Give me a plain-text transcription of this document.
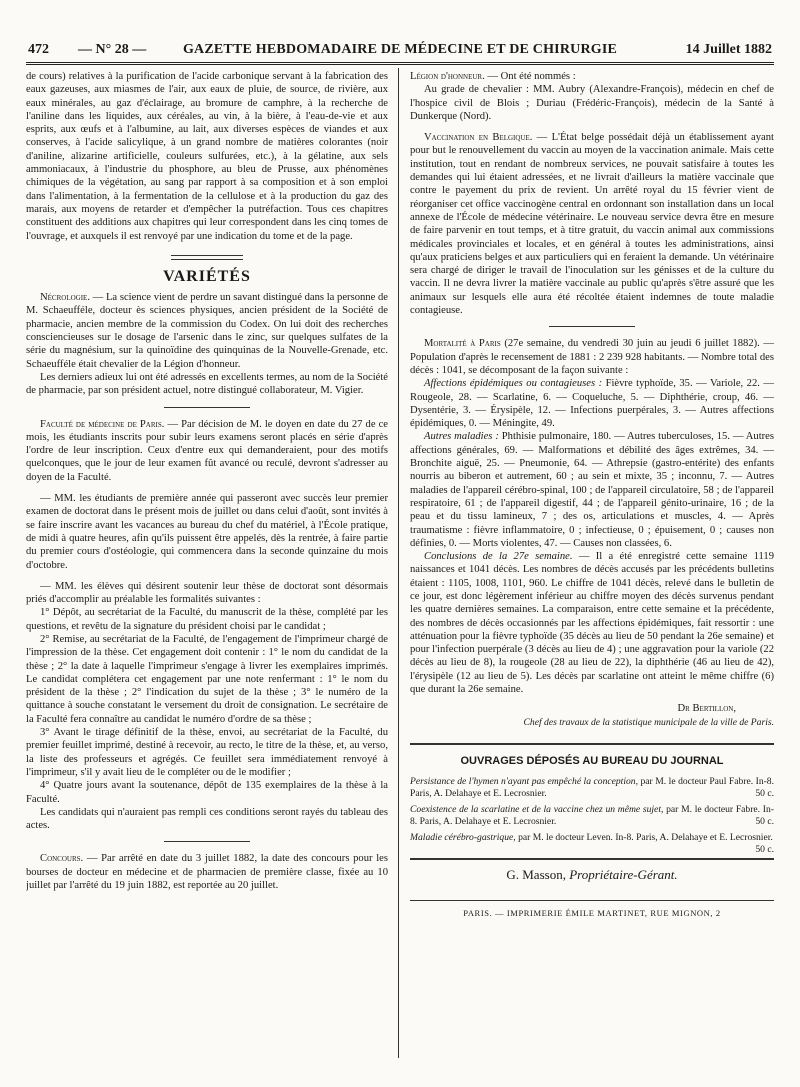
472 — N° 28 —	GAZETTE HEBDOMADAIRE DE MÉDECINE ET DE CHIRURGIE	14 Juillet 1882

de cours) relatives à la purification de l'acide carbonique servant à la fabrication des eaux gazeuses, aux miasmes de l'air, aux eaux de pluie, de source, de rivière, aux eaux minérales, au gaz d'éclairage, au bromure de camphre, à la recherche de l'aniline dans les liquides, aux céréales, au vin, à la bière, à l'eau-de-vie et aux esprits, aux œufs et à l'albumine, au lait, aux diverses espèces de viandes et aux conserves, à l'acide salicylique, à un grand nombre de matières colorantes (noir d'aniline, alizarine artificielle, couleurs sulfurées, etc.), à la gélatine, aux sels ammoniacaux, à l'industrie du phosphore, au bleu de Prusse, aux phénomènes chimiques de la végétation, au sang par rapport à sa composition et à son emploi dans l'alimentation, à la fermentation de la cellulose et à la production du gaz des marais, aux moyens de retarder et d'empêcher la putréfaction. Tous ces chapitres constituent des additions aux chapitres qui leur correspondent dans les cinq tomes de l'ouvrage, et auxquels il est renvoyé par une indication du tome et de la page.

VARIÉTÉS

Nécrologie. — La science vient de perdre un savant distingué dans la personne de M. Schaeufféle, docteur ès sciences physiques, ancien président de la Société de pharmacie, ancien membre de la commission du Codex. On lui doit des recherches consciencieuses sur le dosage de l'arsenic dans le zinc, sur quelques sulfates de la série du magnésium, sur la quinoïdine des quinquinas de la Nouvelle-Grenade, etc. Schaeufféle était chevalier de la Légion d'honneur.

Les derniers adieux lui ont été adressés en excellents termes, au nom de la Société de pharmacie, par son président actuel, notre distingué collaborateur, M. Vigier.

Faculté de médecine de Paris. — Par décision de M. le doyen en date du 27 de ce mois, les étudiants inscrits pour subir leurs examens seront placés en série d'après l'ordre de leur inscription. Ceux d'entre eux qui demanderaient, pour des motifs quelconques, que le jour de leur examen fût avancé ou reculé, devront s'adresser au doyen de la Faculté.

— MM. les étudiants de première année qui passeront avec succès leur premier examen de doctorat dans le présent mois de juillet ou dans celui d'août, sont invités à se faire inscrire avant les vacances au bureau du chef du matériel, à l'École pratique, de midi à quatre heures, afin qu'ils puissent être appelés, dès la rentrée, à faire partie du premier cours d'ostéologie, qui commencera dans la seconde quinzaine du mois d'octobre.

— MM. les élèves qui désirent soutenir leur thèse de doctorat sont désormais priés d'accomplir au préalable les formalités suivantes :

1° Dépôt, au secrétariat de la Faculté, du manuscrit de la thèse, complété par les questions, et revêtu de la signature du président choisi par le candidat ;

2° Remise, au secrétariat de la Faculté, de l'engagement de l'imprimeur chargé de l'impression de la thèse. Cet engagement doit contenir : 1° le nom du candidat de la thèse ; 2° la date à laquelle l'imprimeur s'engage à livrer les exemplaires imprimés. Le candidat complétera cet engagement par une note renfermant : 1° le nom du président de la thèse ; 2° l'indication du sujet de la thèse ; 3° le numéro de la quittance à souche constatant le versement du droit de consignation. Le secrétaire de la Faculté fera connaître au candidat le numéro d'ordre de sa thèse ;

3° Avant le tirage définitif de la thèse, envoi, au secrétariat de la Faculté, du premier feuillet imprimé, destiné à recevoir, au recto, le titre de la thèse, et, au verso, la liste des professeurs et agrégés. Ce feuillet sera immédiatement renvoyé à l'imprimeur, s'il y avait lieu de le compléter ou de le modifier ;

4° Quatre jours avant la soutenance, dépôt de 135 exemplaires de la thèse à la Faculté.

Les candidats qui n'auraient pas rempli ces conditions seront rayés du tableau des actes.

Concours. — Par arrêté en date du 3 juillet 1882, la date des concours pour les bourses de docteur en médecine et de pharmacien de première classe, fixée au 10 juillet par l'arrêté du 19 juin 1882, est reportée au 20 juillet.

Légion d'honneur. — Ont été nommés :

Au grade de chevalier : MM. Aubry (Alexandre-François), médecin en chef de l'hospice civil de Blois ; Duriau (Frédéric-François), médecin de la Santé à Dunkerque (Nord).

Vaccination en Belgique. — L'État belge possédait déjà un établissement ayant pour but le renouvellement du vaccin au moyen de la vaccination animale. Mais cette institution, tout en rendant de nombreux services, ne pouvait satisfaire à toutes les demandes qui lui étaient adressées, et ne livrait d'ailleurs la matière vaccinale que contre le payement du prix de revient. Un arrêté royal du 15 février vient de réorganiser cet office vaccinogène central en ordonnant son installation dans un local annexe de l'École de médecine vétérinaire. Le nouveau service devra être en mesure de faire parvenir en tout temps, et à titre gratuit, du vaccin animal aux commissions médicales provinciales et locales, et en général à toutes les administrations, ainsi qu'aux praticiens belges et aux particuliers qui en feraient la demande. Un vétérinaire sera chargé de diriger le travail de l'inoculation sur les génisses et de la culture du vaccin. Il ne devra livrer la matière vaccinale au public qu'après s'être assuré que les animaux sur lesquels elle aura été récoltée étaient indemnes de toute maladie contagieuse.

Mortalité à Paris (27e semaine, du vendredi 30 juin au jeudi 6 juillet 1882). — Population d'après le recensement de 1881 : 2 239 928 habitants. — Nombre total des décès : 1041, se décomposant de la façon suivante :

Affections épidémiques ou contagieuses : Fièvre typhoïde, 35. — Variole, 22. — Rougeole, 28. — Scarlatine, 6. — Coqueluche, 5. — Diphthérie, croup, 46. — Dysentérie, 3. — Érysipèle, 12. — Infections puerpérales, 3. — Autres affections épidémiques, 0. — Méningite, 49.

Autres maladies : Phthisie pulmonaire, 180. — Autres tuberculoses, 15. — Autres affections générales, 69. — Malformations et débilité des âges extrêmes, 34. — Bronchite aiguë, 25. — Pneumonie, 64. — Athrepsie (gastro-entérite) des enfants nourris au biberon et autrement, 60 ; au sein et mixte, 35 ; inconnu, 7. — Autres maladies de l'appareil cérébro-spinal, 100 ; de l'appareil circulatoire, 58 ; de l'appareil respiratoire, 61 ; de l'appareil digestif, 44 ; de l'appareil génito-urinaire, 16 ; de la peau et du tissu lamineux, 7 ; des os, articulations et muscles, 4. — Après traumatisme : fièvre inflammatoire, 0 ; infectieuse, 0 ; épuisement, 0 ; causes non définies, 0. — Morts violentes, 47. — Causes non classées, 6.

Conclusions de la 27e semaine. — Il a été enregistré cette semaine 1119 naissances et 1041 décès. Les nombres de décès accusés par les précédents bulletins étaient : 1105, 1008, 1101, 960. Le chiffre de 1041 décès, relevé dans le bulletin de ce jour, est donc légèrement inférieur au chiffre moyen des décès survenus pendant les quatre dernières semaines. La comparaison, entre cette semaine et la précédente, des nombres de décès occasionnés par les affections épidémiques, fait ressortir : une atténuation pour la fièvre typhoïde (35 décès au lieu de 50 pendant la 26e semaine) et pour l'infection puerpérale (3 décès au lieu de 4) ; une aggravation pour la variole (22 décès au lieu de 8), la rougeole (28 au lieu de 22), la diphthérie (46 au lieu de 42), l'érysipèle (12 au lieu de 5). Les décès par scarlatine ont atteint le même chiffre (6) que durant la 26e semaine.

Dr Bertillon,
Chef des travaux de la statistique municipale de la ville de Paris.
OUVRAGES DÉPOSÉS AU BUREAU DU JOURNAL
Persistance de l'hymen n'ayant pas empêché la conception, par M. le docteur Paul Fabre. In-8. Paris, A. Delahaye et E. Lecrosnier.	50 c.
Coexistence de la scarlatine et de la vaccine chez un même sujet, par M. le docteur Fabre. In-8. Paris, A. Delahaye et E. Lecrosnier.	50 c.
Maladie cérébro-gastrique, par M. le docteur Leven. In-8. Paris, A. Delahaye et E. Lecrosnier.
50 c.
G. Masson, Propriétaire-Gérant.
PARIS. — IMPRIMERIE ÉMILE MARTINET, RUE MIGNON, 2
